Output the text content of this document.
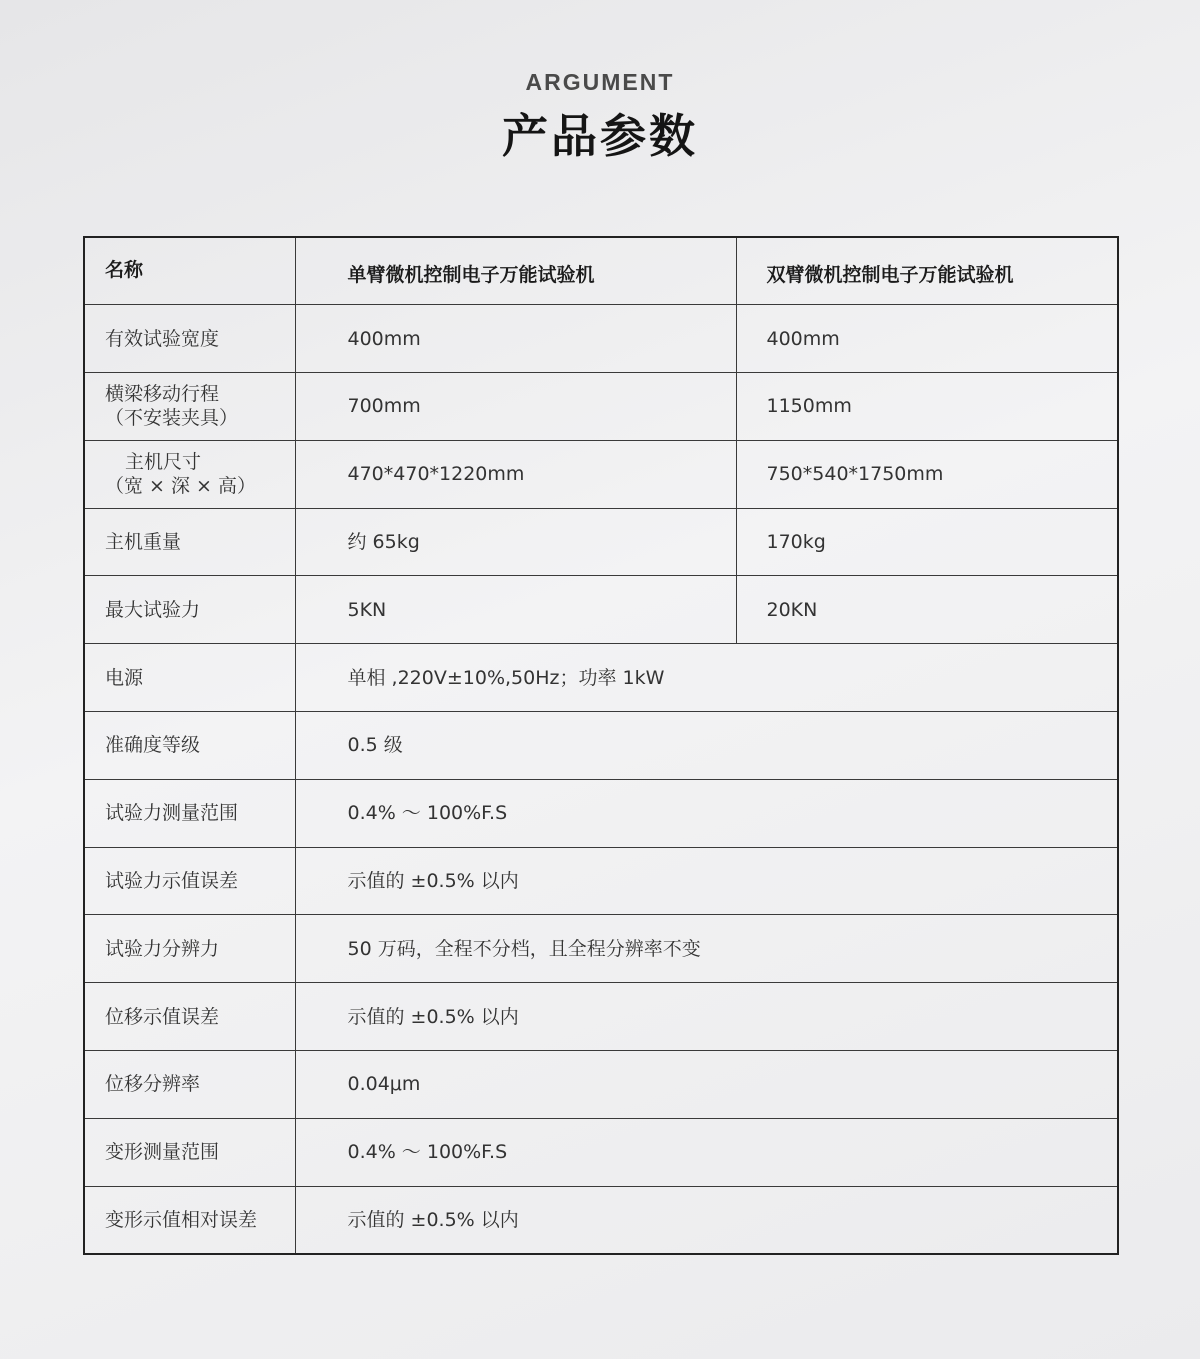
ARGUMENT
产品参数
名称	单臂微机控制电子万能试验机	双臂微机控制电子万能试验机
有效试验宽度	400mm	400mm

横梁移动行程
（不安装夹具）	700mm	1150mm

主机尺寸
（宽 × 深 × 高）	470*470*1220mm	750*540*1750mm
主机重量	约 65kg	170kg
最大试验力	5KN	20KN
电源	单相 ,220V±10%,50Hz；功率 1kW	
准确度等级	0.5 级	
试验力测量范围	0.4% ～ 100%F.S	
试验力示值误差	示值的 ±0.5% 以内	
试验力分辨力	50 万码，全程不分档，且全程分辨率不变	
位移示值误差	示值的 ±0.5% 以内	
位移分辨率	0.04μm	
变形测量范围	0.4% ～ 100%F.S	
变形示值相对误差	示值的 ±0.5% 以内	
